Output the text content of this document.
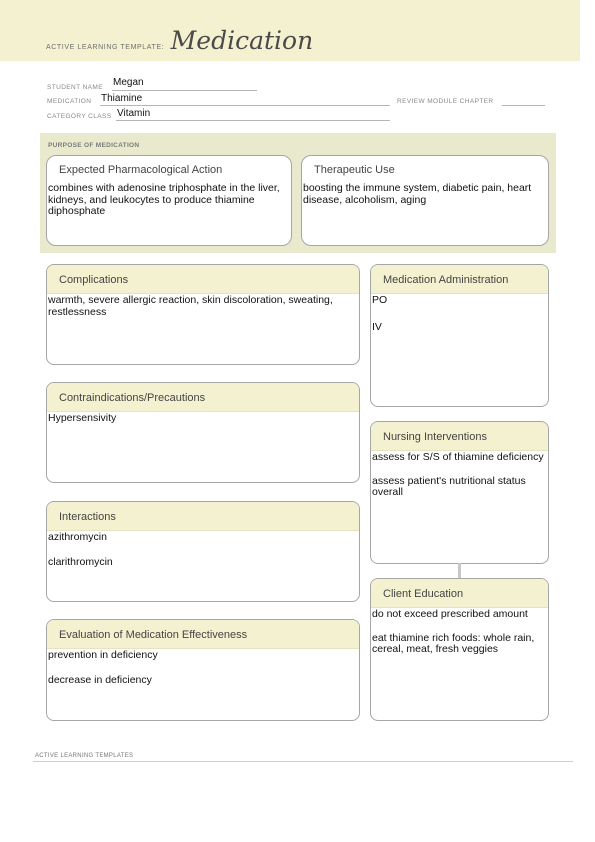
ACTIVE LEARNING TEMPLATE: Medication
STUDENT NAME Megan
MEDICATION Thiamine	REVIEW MODULE CHAPTER
CATEGORY CLASS Vitamin
PURPOSE OF MEDICATION
Expected Pharmacological Action
combines with adenosine triphosphate in the liver, kidneys, and leukocytes to produce thiamine diphosphate
Therapeutic Use
boosting the immune system, diabetic pain, heart disease, alcoholism, aging
Complications
warmth, severe allergic reaction, skin discoloration, sweating, restlessness
Contraindications/Precautions
Hypersensivity
Interactions

azithromycin

clarithromycin

Evaluation of Medication Effectiveness

prevention in deficiency

decrease in deficiency

Medication Administration

PO

IV

Nursing Interventions

assess for S/S of thiamine deficiency

assess patient's nutritional status overall

Client Education

do not exceed prescribed amount

eat thiamine rich foods: whole rain, cereal, meat, fresh veggies

ACTIVE LEARNING TEMPLATES
